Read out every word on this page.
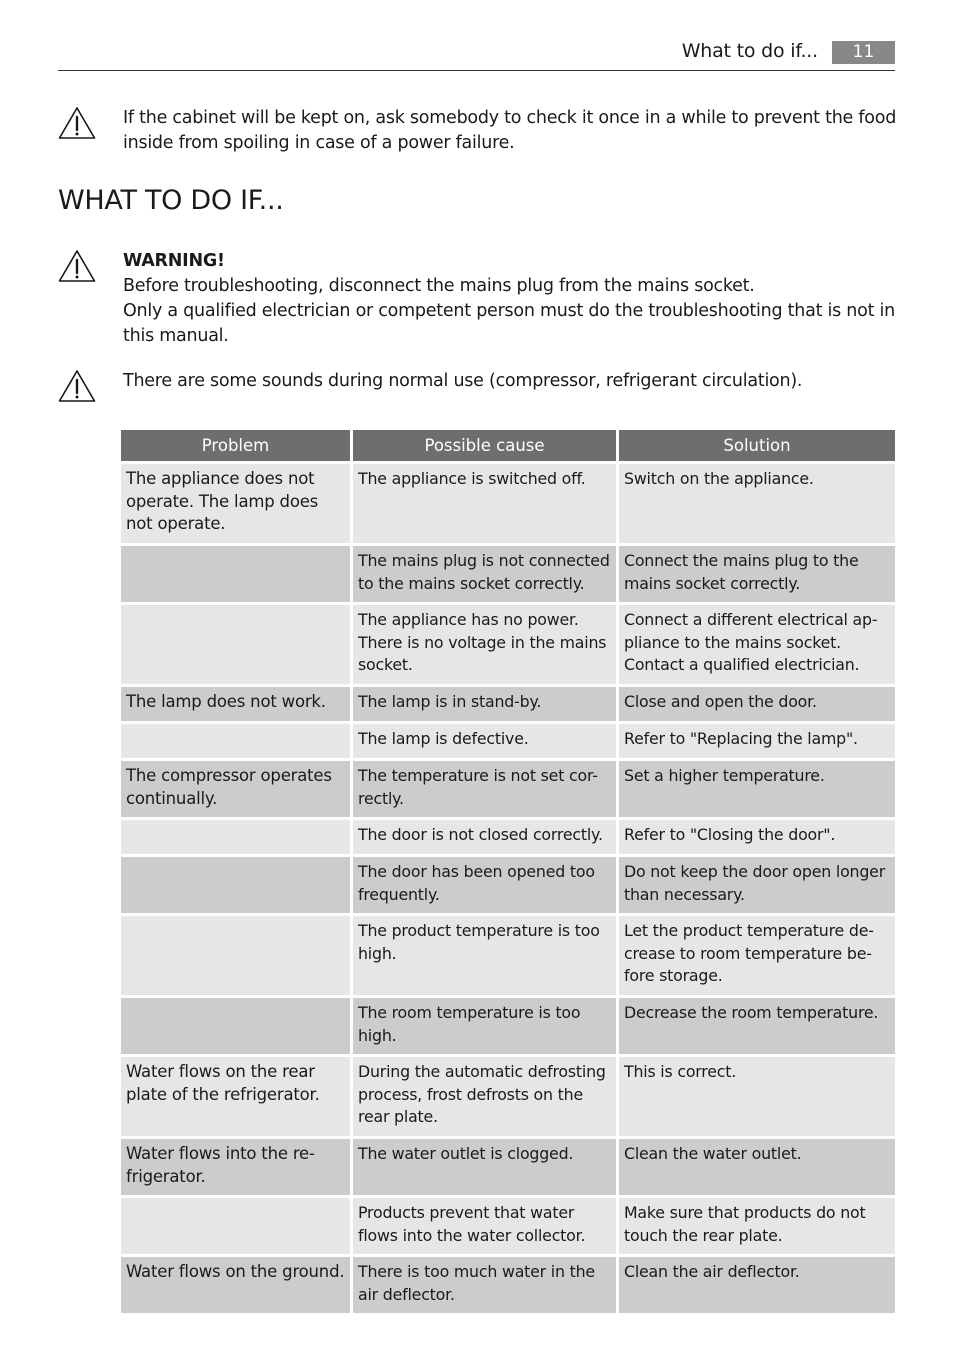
What to do if...	11
If the cabinet will be kept on, ask somebody to check it once in a while to prevent the food
inside from spoiling in case of a power failure.
WHAT TO DO IF...
WARNING!
Before troubleshooting, disconnect the mains plug from the mains socket.
Only a qualified electrician or competent person must do the troubleshooting that is not in
this manual.
There are some sounds during normal use (compressor, refrigerant circulation).
Problem	Possible cause	Solution
The appliance does not operate. The lamp does not operate.	The appliance is switched off.	Switch on the appliance.
	The mains plug is not connected to the mains socket correctly.	Connect the mains plug to the mains socket correctly.
	The appliance has no power. There is no voltage in the mains socket.	Connect a different electrical ap-pliance to the mains socket. Contact a qualified electrician.
The lamp does not work.	The lamp is in stand-by.	Close and open the door.
	The lamp is defective.	Refer to "Replacing the lamp".
The compressor operates continually.	The temperature is not set cor-rectly.	Set a higher temperature.
	The door is not closed correctly.	Refer to "Closing the door".
	The door has been opened too frequently.	Do not keep the door open longer than necessary.
	The product temperature is too high.	Let the product temperature de-crease to room temperature be-fore storage.
	The room temperature is too high.	Decrease the room temperature.
Water flows on the rear plate of the refrigerator.	During the automatic defrosting process, frost defrosts on the rear plate.	This is correct.
Water flows into the re-frigerator.	The water outlet is clogged.	Clean the water outlet.
	Products prevent that water flows into the water collector.	Make sure that products do not touch the rear plate.
Water flows on the ground.	There is too much water in the air deflector.	Clean the air deflector.
